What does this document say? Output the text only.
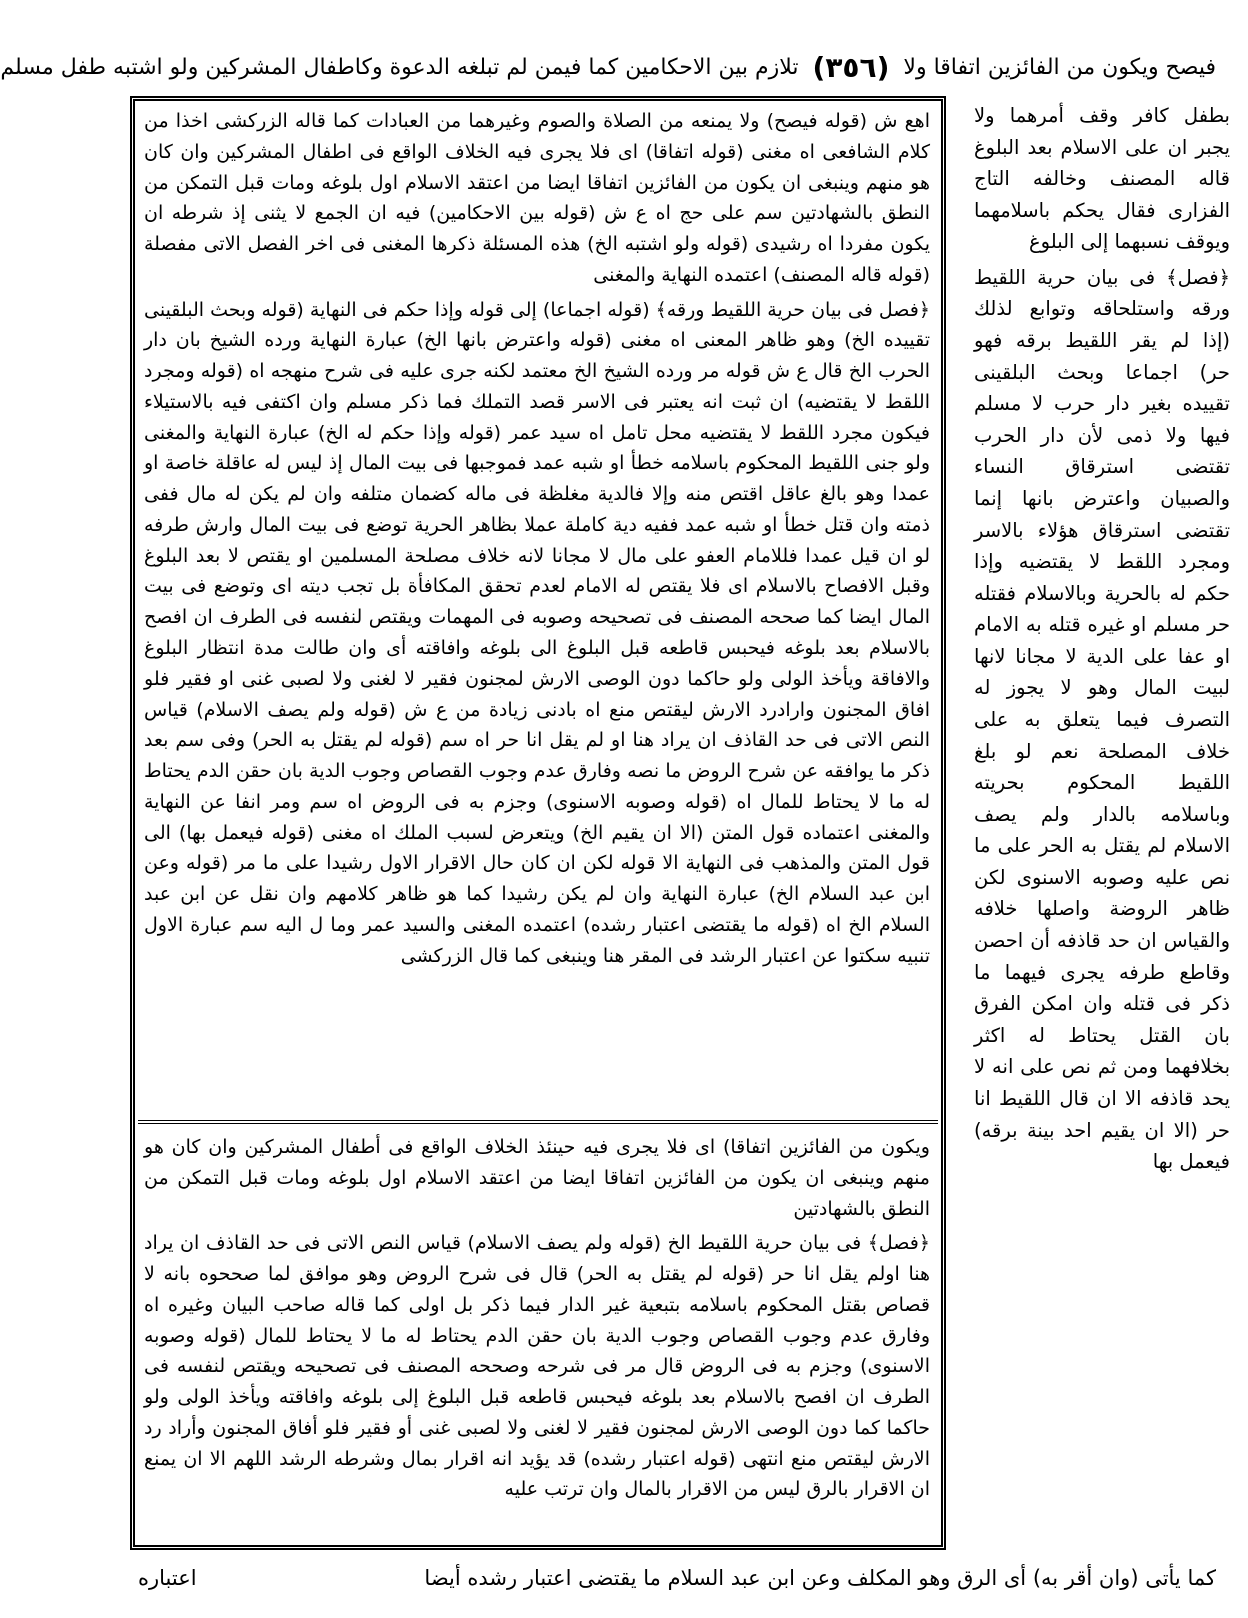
فيصح ويكون من الفائزين اتفاقا ولا
(٣٥٦)
تلازم بين الاحكامين كما فيمن لم تبلغه الدعوة وكاطفال المشركين ولو اشتبه طفل مسلم

بطفل كافر وقف أمرهما ولا يجبر ان على الاسلام بعد البلوغ قاله المصنف وخالفه التاج الفزارى فقال يحكم باسلامهما ويوقف نسبهما إلى البلوغ

﴿فصل﴾ فى بيان حرية اللقيط ورقه واستلحاقه وتوابع لذلك (إذا لم يقر اللقيط برقه فهو حر) اجماعا وبحث البلقينى تقييده بغير دار حرب لا مسلم فيها ولا ذمى لأن دار الحرب تقتضى استرقاق النساء والصبيان واعترض بانها إنما تقتضى استرقاق هؤلاء بالاسر ومجرد اللقط لا يقتضيه وإذا حكم له بالحرية وبالاسلام فقتله حر مسلم او غيره قتله به الامام او عفا على الدية لا مجانا لانها لبيت المال وهو لا يجوز له التصرف فيما يتعلق به على خلاف المصلحة نعم لو بلغ اللقيط المحكوم بحريته وباسلامه بالدار ولم يصف الاسلام لم يقتل به الحر على ما نص عليه وصوبه الاسنوى لكن ظاهر الروضة واصلها خلافه والقياس ان حد قاذفه أن احصن وقاطع طرفه يجرى فيهما ما ذكر فى قتله وان امكن الفرق بان القتل يحتاط له اكثر بخلافهما ومن ثم نص على انه لا يحد قاذفه الا ان قال اللقيط انا حر (الا ان يقيم احد بينة برقه) فيعمل بها

اهع ش (قوله فيصح) ولا يمنعه من الصلاة والصوم وغيرهما من العبادات كما قاله الزركشى اخذا من كلام الشافعى اه مغنى (قوله اتفاقا) اى فلا يجرى فيه الخلاف الواقع فى اطفال المشركين وان كان هو منهم وينبغى ان يكون من الفائزين اتفاقا ايضا من اعتقد الاسلام اول بلوغه ومات قبل التمكن من النطق بالشهادتين سم على حج اه ع ش (قوله بين الاحكامين) فيه ان الجمع لا يثنى إذ شرطه ان يكون مفردا اه رشيدى (قوله ولو اشتبه الخ) هذه المسئلة ذكرها المغنى فى اخر الفصل الاتى مفصلة (قوله قاله المصنف) اعتمده النهاية والمغنى

﴿فصل فى بيان حرية اللقيط ورقه﴾ (قوله اجماعا) إلى قوله وإذا حكم فى النهاية (قوله وبحث البلقينى تقييده الخ) وهو ظاهر المعنى اه مغنى (قوله واعترض بانها الخ) عبارة النهاية ورده الشيخ بان دار الحرب الخ قال ع ش قوله مر ورده الشيخ الخ معتمد لكنه جرى عليه فى شرح منهجه اه (قوله ومجرد اللقط لا يقتضيه) ان ثبت انه يعتبر فى الاسر قصد التملك فما ذكر مسلم وان اكتفى فيه بالاستيلاء فيكون مجرد اللقط لا يقتضيه محل تامل اه سيد عمر (قوله وإذا حكم له الخ) عبارة النهاية والمغنى ولو جنى اللقيط المحكوم باسلامه خطأ او شبه عمد فموجبها فى بيت المال إذ ليس له عاقلة خاصة او عمدا وهو بالغ عاقل اقتص منه وإلا فالدية مغلظة فى ماله كضمان متلفه وان لم يكن له مال ففى ذمته وان قتل خطأ او شبه عمد ففيه دية كاملة عملا بظاهر الحرية توضع فى بيت المال وارش طرفه لو ان قيل عمدا فللامام العفو على مال لا مجانا لانه خلاف مصلحة المسلمين او يقتص لا بعد البلوغ وقبل الافصاح بالاسلام اى فلا يقتص له الامام لعدم تحقق المكافأة بل تجب ديته اى وتوضع فى بيت المال ايضا كما صححه المصنف فى تصحيحه وصوبه فى المهمات ويقتص لنفسه فى الطرف ان افصح بالاسلام بعد بلوغه فيحبس قاطعه قبل البلوغ الى بلوغه وافاقته أى وان طالت مدة انتظار البلوغ والافاقة ويأخذ الولى ولو حاكما دون الوصى الارش لمجنون فقير لا لغنى ولا لصبى غنى او فقير فلو افاق المجنون وارادرد الارش ليقتص منع اه بادنى زيادة من ع ش (قوله ولم يصف الاسلام) قياس النص الاتى فى حد القاذف ان يراد هنا او لم يقل انا حر اه سم (قوله لم يقتل به الحر) وفى سم بعد ذكر ما يوافقه عن شرح الروض ما نصه وفارق عدم وجوب القصاص وجوب الدية بان حقن الدم يحتاط له ما لا يحتاط للمال اه (قوله وصوبه الاسنوى) وجزم به فى الروض اه سم ومر انفا عن النهاية والمغنى اعتماده قول المتن (الا ان يقيم الخ) ويتعرض لسبب الملك اه مغنى (قوله فيعمل بها) الى قول المتن والمذهب فى النهاية الا قوله لكن ان كان حال الاقرار الاول رشيدا على ما مر (قوله وعن ابن عبد السلام الخ) عبارة النهاية وان لم يكن رشيدا كما هو ظاهر كلامهم وان نقل عن ابن عبد السلام الخ اه (قوله ما يقتضى اعتبار رشده) اعتمده المغنى والسيد عمر وما ل اليه سم عبارة الاول تنبيه سكتوا عن اعتبار الرشد فى المقر هنا وينبغى كما قال الزركشى

ويكون من الفائزين اتفاقا) اى فلا يجرى فيه حينئذ الخلاف الواقع فى أطفال المشركين وان كان هو منهم وينبغى ان يكون من الفائزين اتفاقا ايضا من اعتقد الاسلام اول بلوغه ومات قبل التمكن من النطق بالشهادتين

﴿فصل﴾ فى بيان حرية اللقيط الخ (قوله ولم يصف الاسلام) قياس النص الاتى فى حد القاذف ان يراد هنا اولم يقل انا حر (قوله لم يقتل به الحر) قال فى شرح الروض وهو موافق لما صححوه بانه لا قصاص بقتل المحكوم باسلامه بتبعية غير الدار فيما ذكر بل اولى كما قاله صاحب البيان وغيره اه وفارق عدم وجوب القصاص وجوب الدية بان حقن الدم يحتاط له ما لا يحتاط للمال (قوله وصوبه الاسنوى) وجزم به فى الروض قال مر فى شرحه وصححه المصنف فى تصحيحه ويقتص لنفسه فى الطرف ان افصح بالاسلام بعد بلوغه فيحبس قاطعه قبل البلوغ إلى بلوغه وافاقته ويأخذ الولى ولو حاكما كما دون الوصى الارش لمجنون فقير لا لغنى ولا لصبى غنى أو فقير فلو أفاق المجنون وأراد رد الارش ليقتص منع انتهى (قوله اعتبار رشده) قد يؤيد انه اقرار بمال وشرطه الرشد اللهم الا ان يمنع ان الاقرار بالرق ليس من الاقرار بالمال وان ترتب عليه

كما يأتى (وان أقر به) أى الرق وهو المكلف وعن ابن عبد السلام ما يقتضى اعتبار رشده أيضا
اعتباره
